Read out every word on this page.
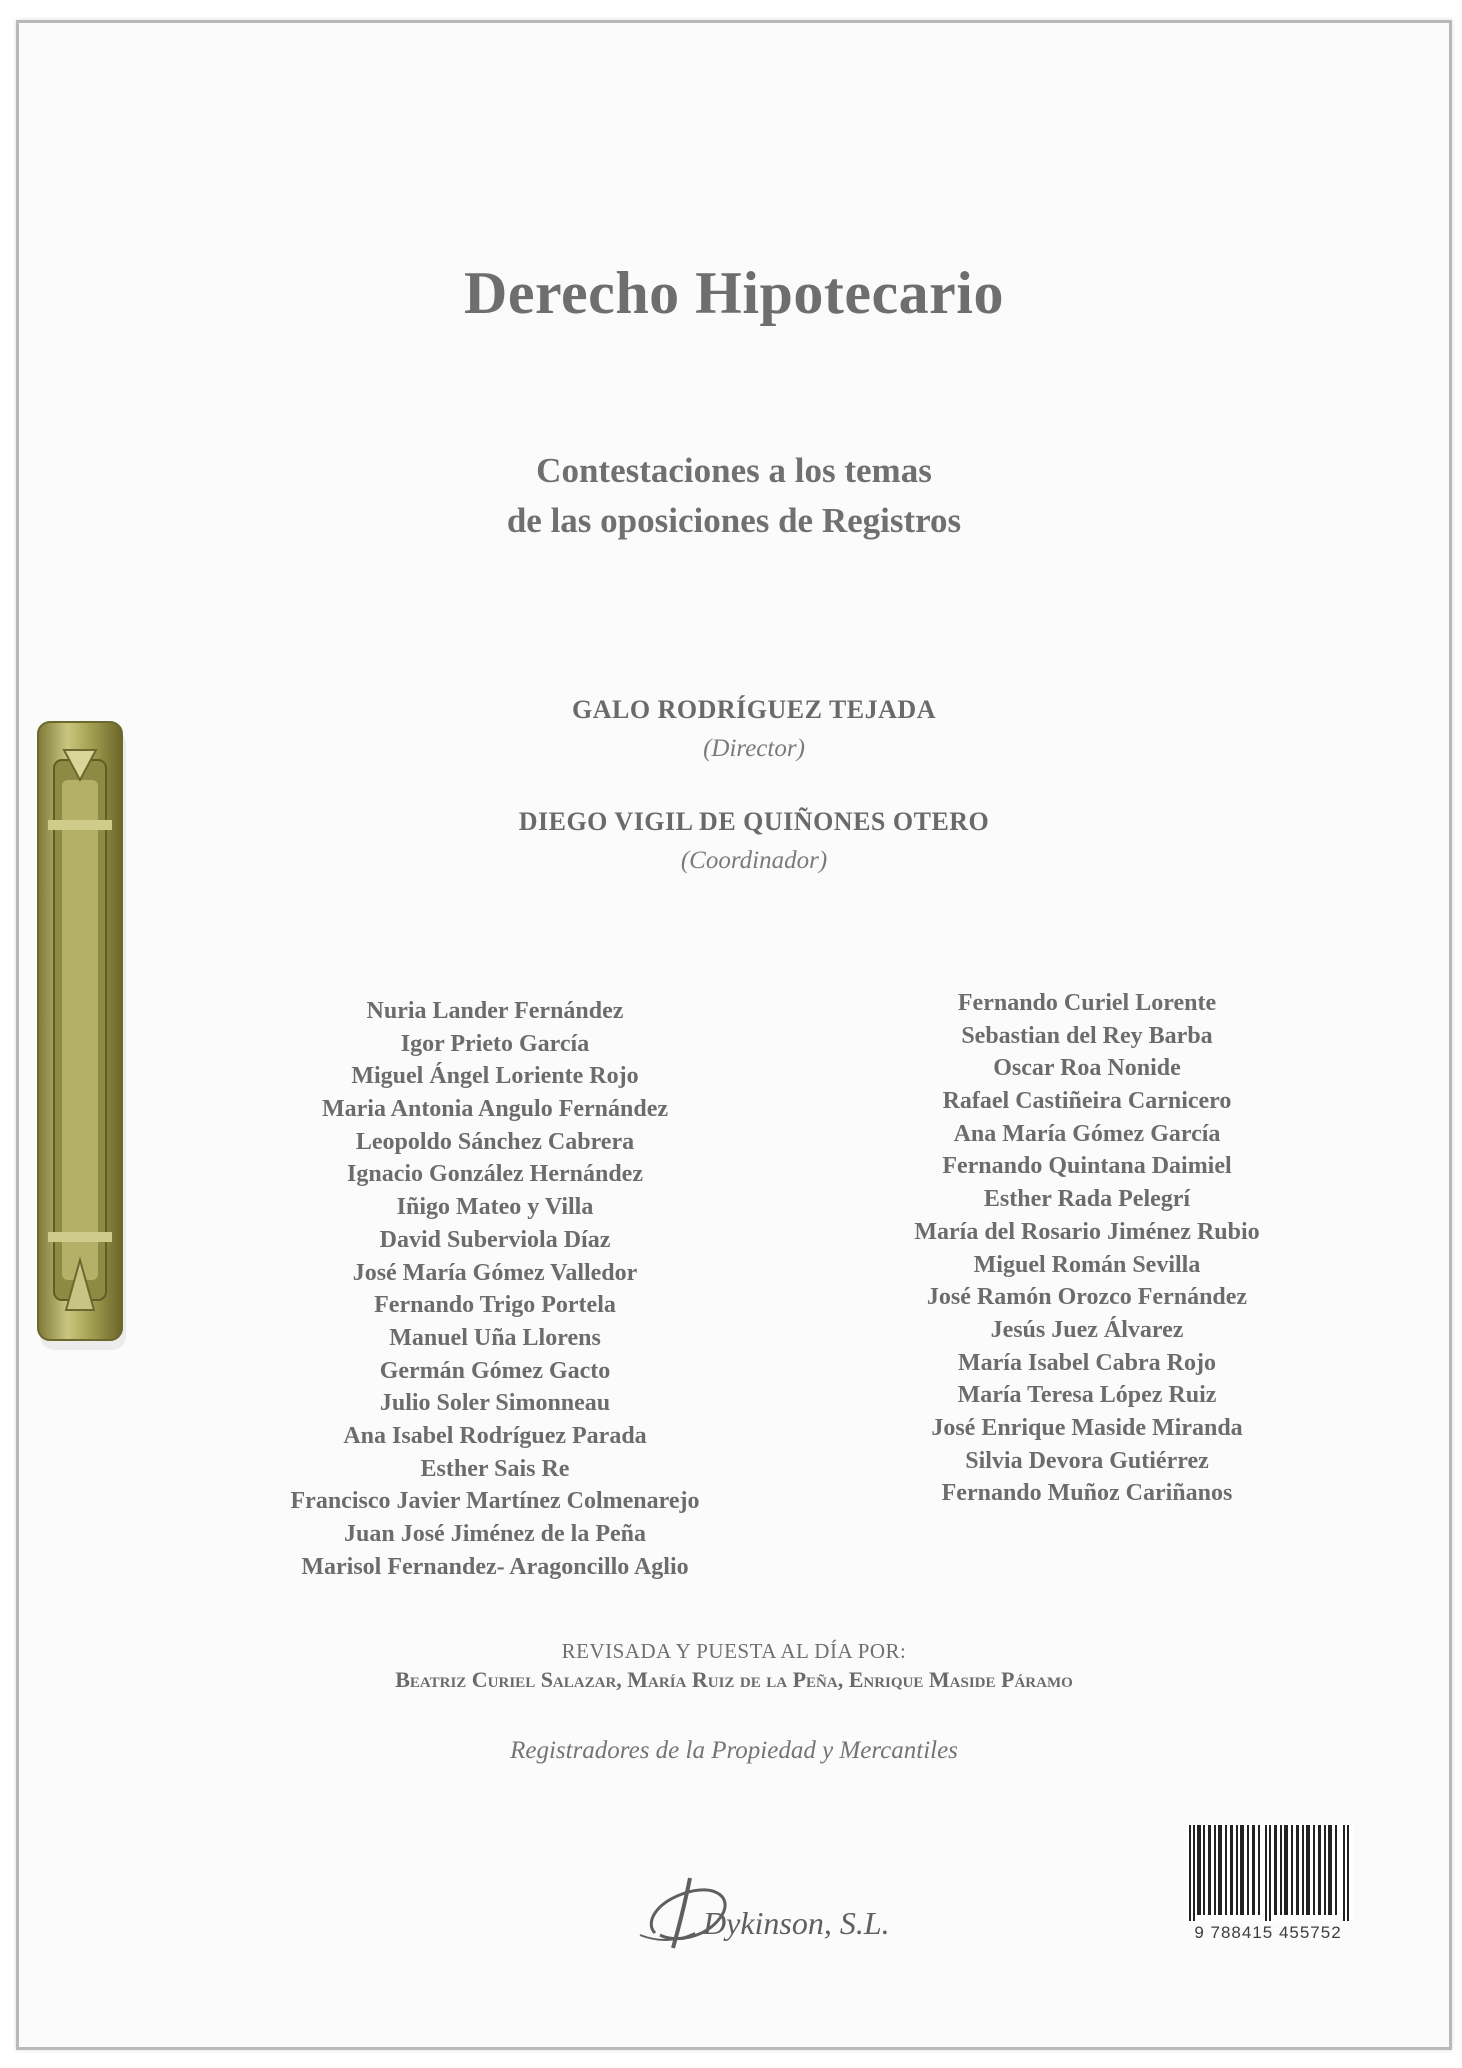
Derecho Hipotecario
Contestaciones a los temas
de las oposiciones de Registros
GALO RODRÍGUEZ TEJADA
(Director)
DIEGO VIGIL DE QUIÑONES OTERO
(Coordinador)
Nuria Lander Fernández
Igor Prieto García
Miguel Ángel Loriente Rojo
Maria Antonia Angulo Fernández
Leopoldo Sánchez Cabrera
Ignacio González Hernández
Iñigo Mateo y Villa
David Suberviola Díaz
José María Gómez Valledor
Fernando Trigo Portela
Manuel Uña Llorens
Germán Gómez Gacto
Julio Soler Simonneau
Ana Isabel Rodríguez Parada
Esther Sais Re
Francisco Javier Martínez Colmenarejo
Juan José Jiménez de la Peña
Marisol Fernandez- Aragoncillo Aglio
Fernando Curiel Lorente
Sebastian del Rey Barba
Oscar Roa Nonide
Rafael Castiñeira Carnicero
Ana María Gómez García
Fernando Quintana Daimiel
Esther Rada Pelegrí
María del Rosario Jiménez Rubio
Miguel Román Sevilla
José Ramón Orozco Fernández
Jesús Juez Álvarez
María Isabel Cabra Rojo
María Teresa López Ruiz
José Enrique Maside Miranda
Silvia Devora Gutiérrez
Fernando Muñoz Cariñanos
REVISADA Y PUESTA AL DÍA POR:
Beatriz Curiel Salazar, María Ruiz de la Peña, Enrique Maside Páramo
Registradores de la Propiedad y Mercantiles
Dykinson, S.L.	9 788415 455752
